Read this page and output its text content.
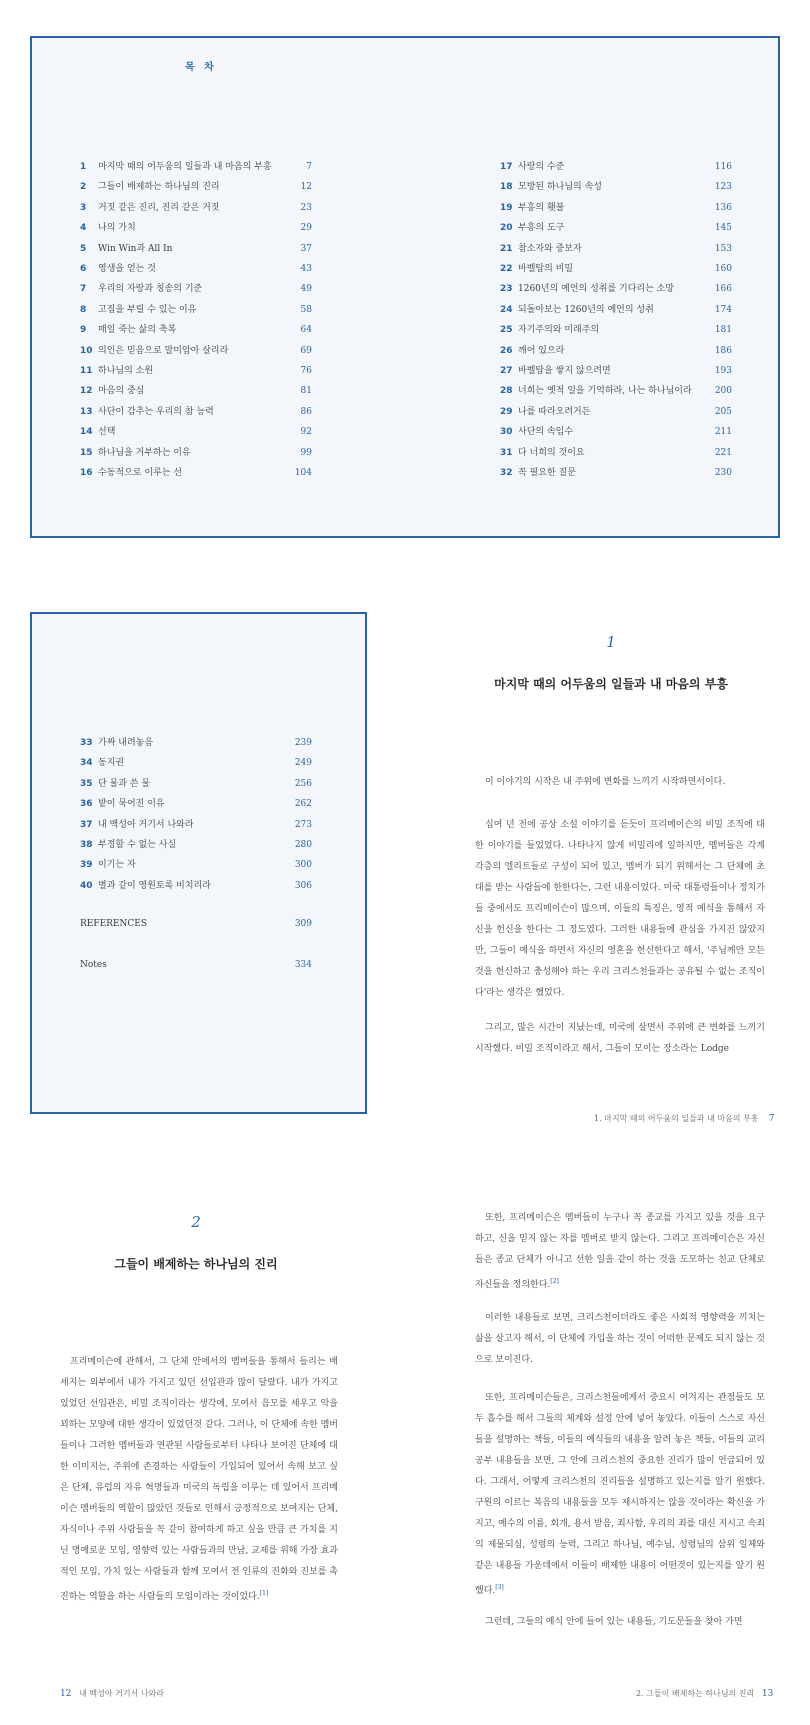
목 차
1	마지막 때의 어두움의 일들과 내 마음의 부흥	7
2	그들이 배제하는 하나님의 진리	12
3	거짓 같은 진리, 진리 같은 거짓	23
4	나의 가치	29
5	Win Win과 All In	37
6	영생을 얻는 것	43
7	우리의 자랑과 칭송의 기준	49
8	고집을 부릴 수 있는 이유	58
9	매일 죽는 삶의 축복	64
10 의인은 믿음으로 말미암아 살리라	69
11 하나님의 소원	76
12 마음의 중심	81
13 사단이 감추는 우리의 참 능력	86
14 선택	92
15 하나님을 거부하는 이유	99
16 수동적으로 이루는 선	104
17 사랑의 수준	116
18 모방된 하나님의 속성	123
19 부흥의 횃불	136
20 부흥의 도구	145
21 참소자와 중보자	153
22 바벨탑의 비밀	160
23 1260년의 예언의 성취를 기다리는 소망	166
24 되돌아보는 1260년의 예언의 성취	174
25 자기주의와 미래주의	181
26 깨어 있으라	186
27 바벨탑을 쌓지 않으려면	193
28 너희는 옛적 일을 기억하라, 나는 하나님이라	200
29 나를 따라오려거든	205
30 사단의 속임수	211
31 다 너희의 것이요	221
32 꼭 필요한 질문	230
33 가짜 내려놓음	239
34 동지권	249
35 단 물과 쓴 물	256
36 밭이 묵어진 이유	262
37 내 백성아 거기서 나와라	273
38 부정할 수 없는 사실	280
39 이기는 자	300
40 별과 같이 영원토록 비치리라	306
REFERENCES	309
Notes	334
1
마지막 때의 어두움의 일들과 내 마음의 부흥

이 이야기의 시작은 내 주위에 변화를 느끼기 시작하면서이다.

십여 년 전에 공상 소설 이야기를 듣듯이 프리메이슨의 비밀 조직에 대한 이야기를 들었었다. 나타나지 않게 비밀리에 일하지만, 멤버들은 각계 각층의 엘리트들로 구성이 되어 있고, 멤버가 되기 위해서는 그 단체에 초대를 받는 사람들에 한한다는, 그런 내용이었다. 미국 대통령들이나 정치가들 중에서도 프리메이슨이 많으며, 이들의 특징은, 영적 예식을 통해서 자신을 헌신을 한다는 그 정도였다. 그러한 내용들에 관심을 가지진 않았지만, 그들이 예식을 하면서 자신의 영혼을 헌신한다고 해서, '주님께만 모든 것을 헌신하고 충성해야 하는 우리 크리스천들과는 공유될 수 없는 조직이다'라는 생각은 했었다.

그리고, 많은 시간이 지났는데, 미국에 살면서 주위에 큰 변화를 느끼기 시작했다. 비밀 조직이라고 해서, 그들이 모이는 장소라는 Lodge

1. 마지막 때의 어두움의 일들과 내 마음의 부흥 7
2
그들이 배제하는 하나님의 진리

프리메이슨에 관해서, 그 단체 안에서의 멤버들을 통해서 들리는 배세지는 외부에서 내가 가지고 있던 선입관과 많이 달랐다. 내가 가지고 있었던 선입관은, 비밀 조직이라는 생각에, 모여서 음모를 세우고 악을 꾀하는 모양에 대한 생각이 있었던것 같다. 그러나, 이 단체에 속한 멤버들이나 그러한 멤버들과 연관된 사람들로부터 나타나 보여진 단체에 대한 이미지는, 주위에 존경하는 사람들이 가입되어 있어서 속해 보고 싶은 단체, 유럽의 자유 혁명들과 미국의 독립을 이루는 데 있어서 프리메이슨 멤버들의 역할이 많았던 것들로 인해서 긍정적으로 보여지는 단체, 자식이나 주위 사람들을 꼭 같이 참여하게 하고 싶을 만큼 큰 가치를 지닌 명예로운 모임, 영향력 있는 사람들과의 만남, 교제를 위해 가장 효과적인 모임, 가치 있는 사람들과 함께 모여서 전 인류의 진화와 진보를 촉진하는 역할을 하는 사람들의 모임이라는 것이었다.[1]

12 내 백성아 거기서 나와라

또한, 프리메이슨은 멤버들이 누구나 꼭 종교를 가지고 있을 것을 요구하고, 신을 믿지 않는 자를 멤버로 받지 않는다. 그리고 프리메이슨은 자신들은 종교 단체가 아니고 선한 일을 같이 하는 것을 도모하는 친교 단체로 자신들을 정의한다.[2]

이러한 내용들로 보면, 크리스천이더라도 좋은 사회적 영향력을 끼치는 삶을 살고자 해서, 이 단체에 가입을 하는 것이 어떠한 문제도 되지 않는 것으로 보이진다.

또한, 프리메이슨들은, 크리스천들에게서 중요시 여겨지는 관점들도 모두 흡수를 해서 그들의 체계와 설정 안에 넣어 놓았다. 이들이 스스로 자신들을 설명하는 책들, 이들의 예식들의 내용을 알려 놓은 책들, 이들의 교리 공부 내용들을 보면, 그 안에 크리스천의 중요한 진리가 많이 언급되어 있다. 그래서, 어떻게 크리스천의 진리들을 설명하고 있는지를 알기 원했다. 구원의 이르는 복음의 내용들을 모두 제시하지는 않을 것이라는 확신을 가지고, 예수의 이름, 회개, 용서 받음, 죄사함, 우리의 죄를 대신 지시고 속죄의 제물되심, 성령의 능력, 그리고 하나님, 예수님, 성령님의 삼위 일체와 같은 내용들 가운데에서 이들이 배제한 내용이 어떤것이 있는지를 알기 원했다.[3]

그런데, 그들의 예식 안에 들어 있는 내용들, 기도문들을 찾아 가면

2. 그들이 배제하는 하나님의 진리 13
